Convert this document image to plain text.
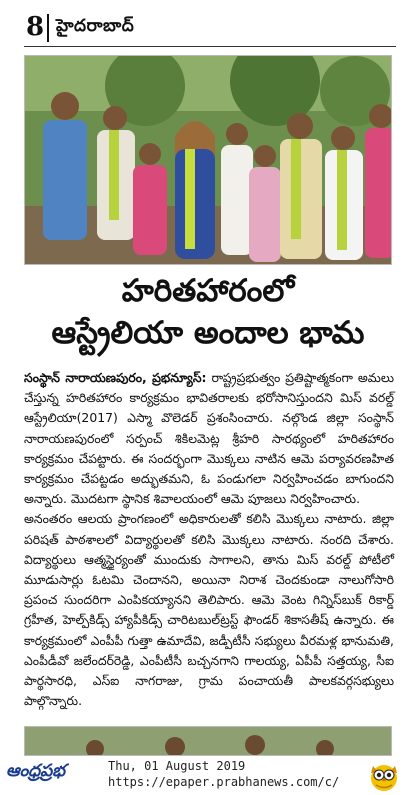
8 హైదరాబాద్
హరితహారంలో
ఆస్ట్రేలియా అందాల భామ

సంస్థాన్ నారాయణపురం, ప్రభన్యూస్: రాష్ట్రప్రభుత్వం ప్రతిష్టాత్మకంగా అమలు చేస్తున్న హరితహారం కార్యక్రమం భావితరాలకు భరోసానిస్తుందని మిస్ వరల్డ్ ఆస్ట్రేలియా(2017) ఎస్మా వొలెడర్ ప్రశంసించారు. నల్గొండ జిల్లా సంస్థాన్ నారాయణపురంలో సర్పంచ్ శికిలమెట్ల శ్రీహరి సారథ్యంలో హరితహారం కార్యక్రమం చేపట్టారు. ఈ సందర్భంగా మొక్కలు నాటిన ఆమె పర్యావరణహిత కార్యక్రమం చేపట్టడం అద్భుతమని, ఓ పండుగలా నిర్వహించడం బాగుందని అన్నారు. మొదటగా స్థానిక శివాలయంలో ఆమె పూజలు నిర్వహించారు.

అనంతరం ఆలయ ప్రాంగణంలో అధికారులతో కలిసి మొక్కలు నాటారు. జిల్లా పరిషత్ పాఠశాలలో విద్యార్థులతో కలిసి మొక్కలు నాటారు. నంరది చేశారు. విద్యార్థులు ఆత్మస్థైర్యంతో ముందుకు సాగాలని, తాను మిస్ వరల్డ్ పోటీలో మూడుసార్లు ఓటమి చెందానని, అయినా నిరాశ చెందకుండా నాలుగోసారి ప్రపంచ సుందరిగా ఎంపికయ్యానని తెలిపారు. ఆమె వెంట గిన్నిస్‌బుక్ రికార్డ్ గ్రహీత, హెల్ప్‌కిడ్స్ హ్యాపీకిడ్స్ చారిటబుల్‌ట్రస్ట్ ఫౌండర్ శికాసతీష్ ఉన్నారు. ఈ కార్యక్రమంలో ఎంపీపీ గుత్తా ఉమాదేవి, జడ్పీటీసీ సభ్యులు వీరమళ్ల భానుమతి, ఎంపీడీవో జలేందర్‌రెడ్డి, ఎంపీటీసీ బచ్చనగాని గాలయ్య, ఏపీపీ సత్తయ్య, సీఐ పార్థసారధి, ఎస్ఐ నాగరాజు, గ్రామ పంచాయతీ పాలకవర్గసభ్యులు పాల్గొన్నారు.

ఆంధ్రప్రభ	Thu, 01 August 2019
https://epaper.prabhanews.com/c/
